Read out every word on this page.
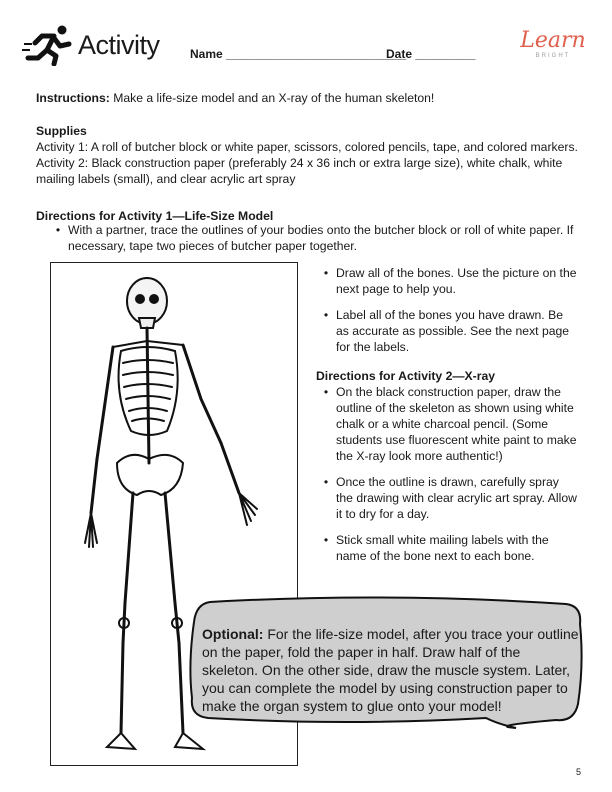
Activity	Name ___________________________
Date _________
Learn
BRIGHT
Instructions: Make a life-size model and an X-ray of the human skeleton!
Supplies
Activity 1: A roll of butcher block or white paper, scissors, colored pencils, tape, and colored markers.
Activity 2: Black construction paper (preferably 24 x 36 inch or extra large size), white chalk, white mailing labels (small), and clear acrylic art spray
Directions for Activity 1—Life-Size Model
• With a partner, trace the outlines of your bodies onto the butcher block or roll of white paper. If necessary, tape two pieces of butcher paper together.
• Draw all of the bones. Use the picture on the next page to help you.
• Label all of the bones you have drawn. Be as accurate as possible. See the next page for the labels.
Directions for Activity 2—X-ray
• On the black construction paper, draw the outline of the skeleton as shown using white chalk or a white charcoal pencil. (Some students use fluorescent white paint to make the X-ray look more authentic!)
• Once the outline is drawn, carefully spray the drawing with clear acrylic art spray. Allow it to dry for a day.
• Stick small white mailing labels with the name of the bone next to each bone.
Optional: For the life-size model, after you trace your outline on the paper, fold the paper in half. Draw half of the skeleton. On the other side, draw the muscle system. Later, you can complete the model by using construction paper to make the organ system to glue onto your model!
5
